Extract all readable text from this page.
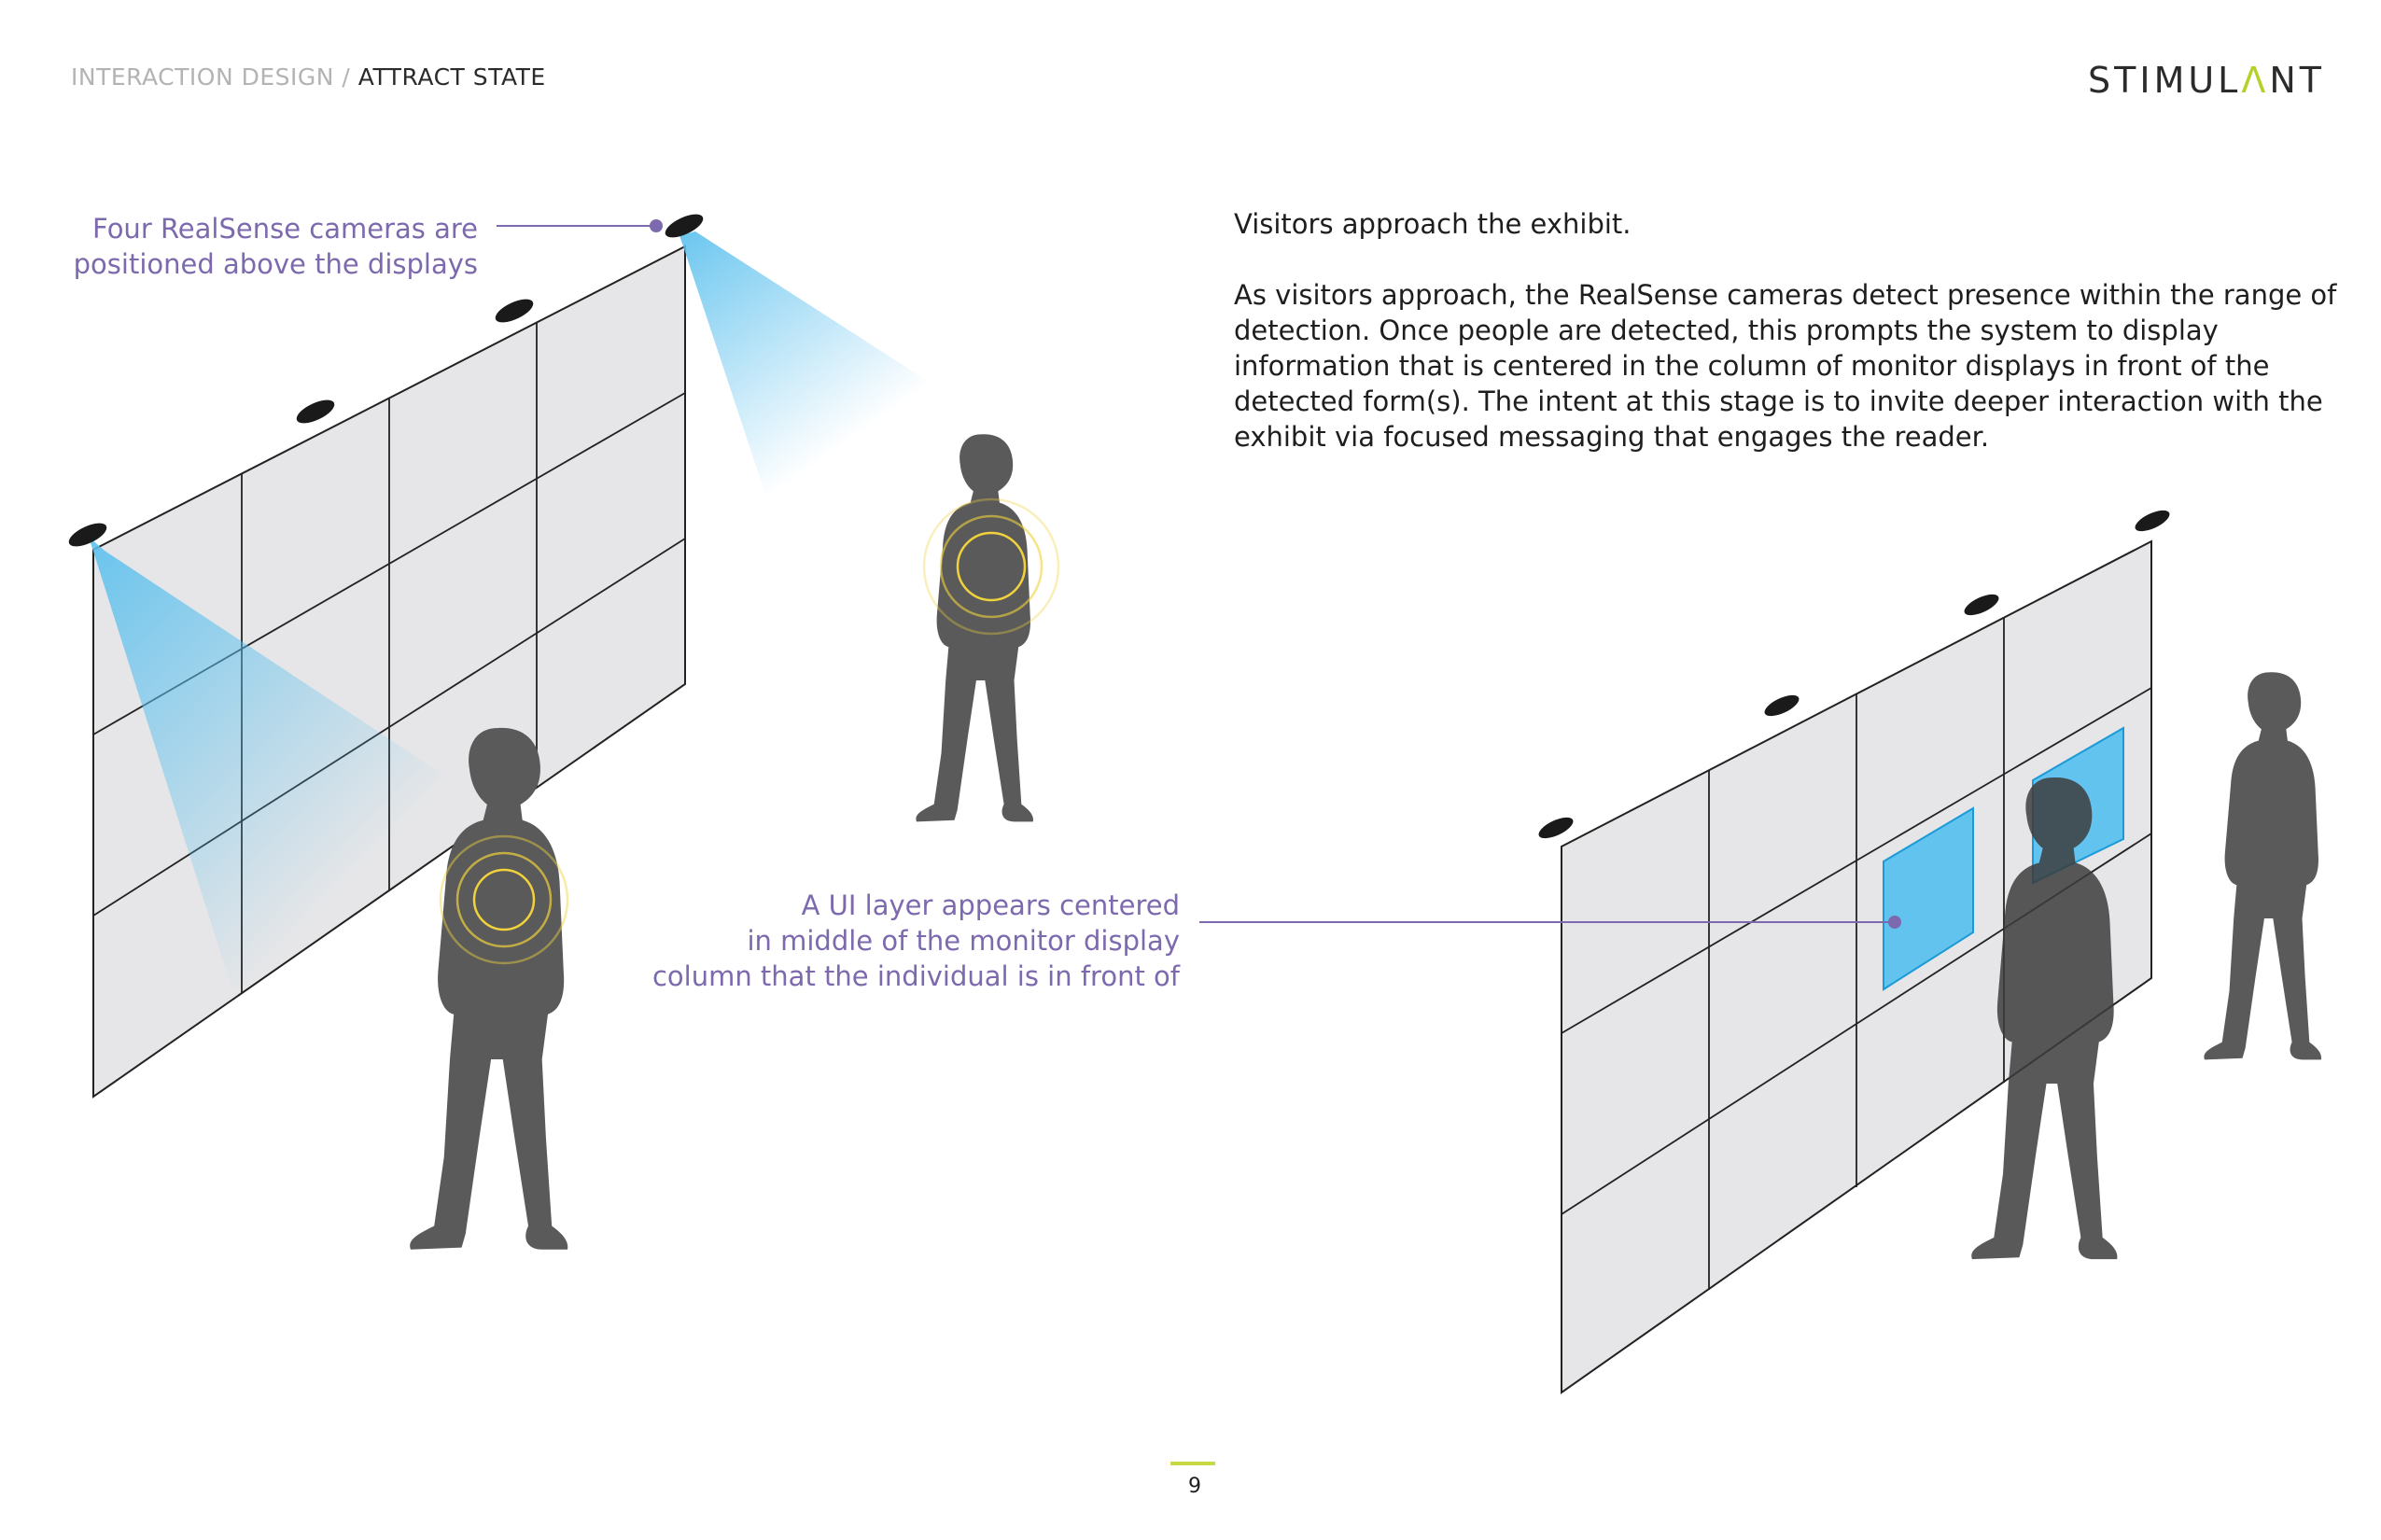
INTERACTION DESIGN / ATTRACT STATE	STIMULΛNT
Four RealSense cameras are
positioned above the displays
A UI layer appears centered
in middle of the monitor display
column that the individual is in front of

Visitors approach the exhibit.

As visitors approach, the RealSense cameras detect presence within the range of detection. Once people are detected, this prompts the system to display information that is centered in the column of monitor displays in front of the detected form(s). The intent at this stage is to invite deeper interaction with the exhibit via focused messaging that engages the reader.

9
